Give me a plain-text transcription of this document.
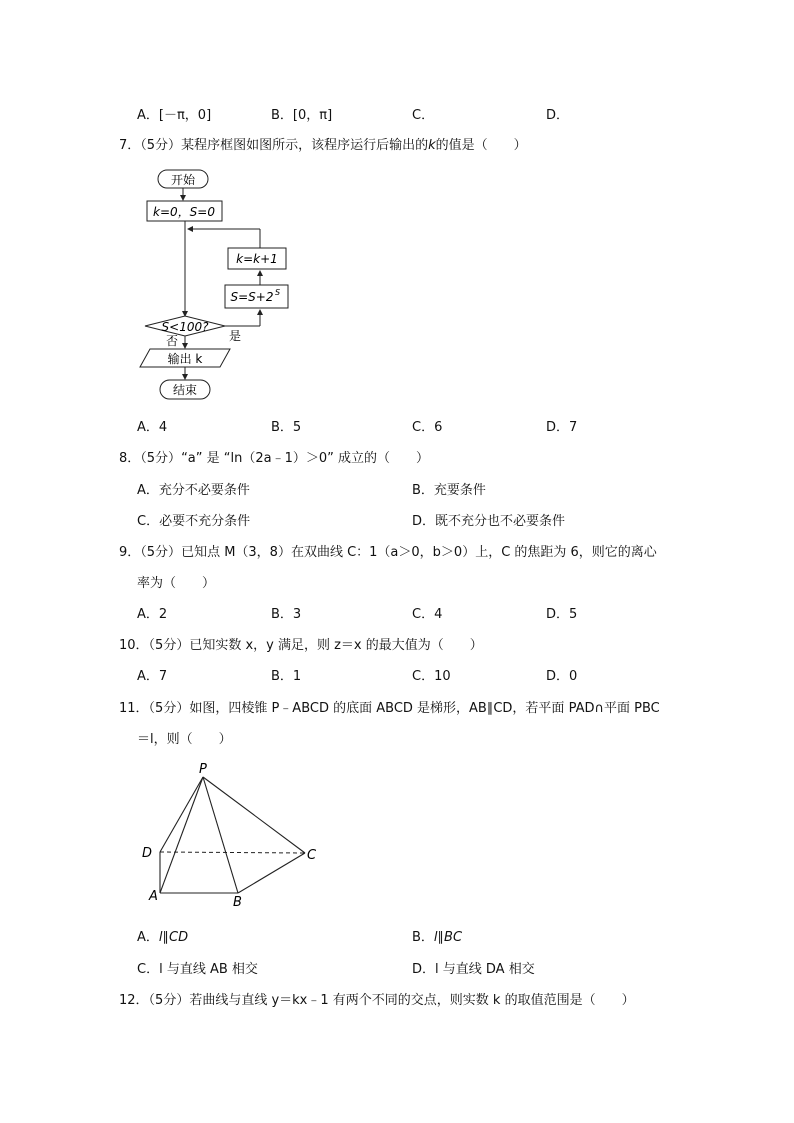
A．[－π，0]	B．[0，π]	C．	D．
7．（5分）某程序框图如图所示，该程序运行后输出的k的值是（　　）
开始
k=0，S=0
k=k+1
S=S+2 S
S<100?
是
否
输出 k
结束
A．4	B．5	C．6	D．7
8．（5分）“a” 是 “ln（2a﹣1）＞0” 成立的（　　）
A．充分不必要条件	B．充要条件
C．必要不充分条件	D．既不充分也不必要条件
9．（5分）已知点 M（3，8）在双曲线 C：1（a＞0，b＞0）上，C 的焦距为 6，则它的离心
率为（　　）
A．2	B．3	C．4	D．5
10．（5分）已知实数 x，y 满足，则 z＝x 的最大值为（　　）
A．7	B．1	C．10	D．0
11．（5分）如图，四棱锥 P﹣ABCD 的底面 ABCD 是梯形，AB∥CD，若平面 PAD∩平面 PBC
＝l，则（　　）
P
D
A	B
C
A．l∥CD	B．l∥BC
C．l 与直线 AB 相交	D．l 与直线 DA 相交
12．（5分）若曲线与直线 y＝kx﹣1 有两个不同的交点，则实数 k 的取值范围是（　　）
